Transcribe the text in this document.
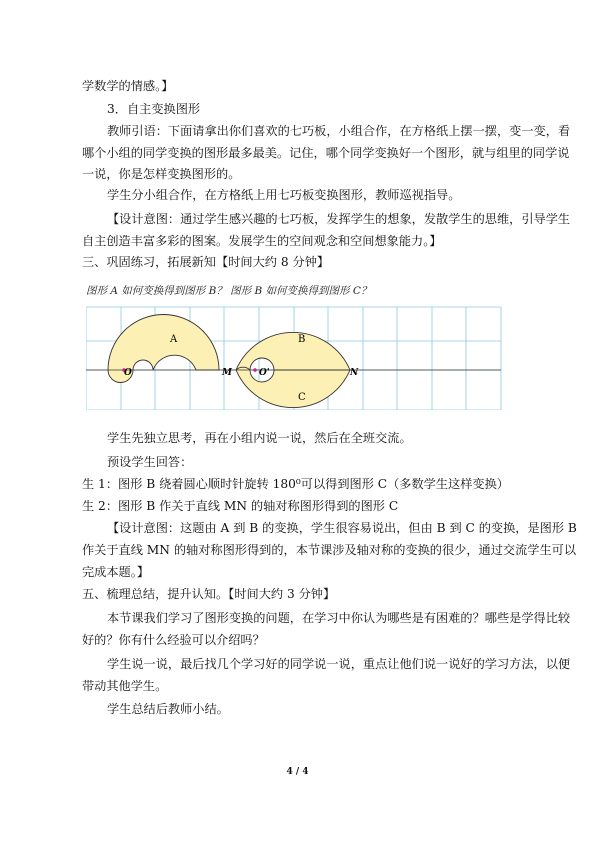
学数学的情感。】
3．自主变换图形
教师引语：下面请拿出你们喜欢的七巧板，小组合作，在方格纸上摆一摆，变一变，看
哪个小组的同学变换的图形最多最美。记住，哪个同学变换好一个图形，就与组里的同学说
一说，你是怎样变换图形的。
学生分小组合作，在方格纸上用七巧板变换图形，教师巡视指导。
【设计意图：通过学生感兴趣的七巧板，发挥学生的想象，发散学生的思维，引导学生
自主创造丰富多彩的图案。发展学生的空间观念和空间想象能力。】
三、巩固练习，拓展新知【时间大约 8 分钟】
图形 A 如何变换得到图形 B？ 图形 B 如何变换得到图形 C？
A	B
C
O	O'
M	N
学生先独立思考，再在小组内说一说，然后在全班交流。
预设学生回答：
生 1：图形 B 绕着圆心顺时针旋转 180⁰可以得到图形 C（多数学生这样变换）
生 2：图形 B 作关于直线 MN 的轴对称图形得到的图形 C
【设计意图：这题由 A 到 B 的变换，学生很容易说出，但由 B 到 C 的变换，是图形 B
作关于直线 MN 的轴对称图形得到的，本节课涉及轴对称的变换的很少，通过交流学生可以
完成本题。】
五、梳理总结，提升认知。【时间大约 3 分钟】
本节课我们学习了图形变换的问题，在学习中你认为哪些是有困难的？哪些是学得比较
好的？你有什么经验可以介绍吗？
学生说一说，最后找几个学习好的同学说一说，重点让他们说一说好的学习方法，以便
带动其他学生。
学生总结后教师小结。
4 / 4
